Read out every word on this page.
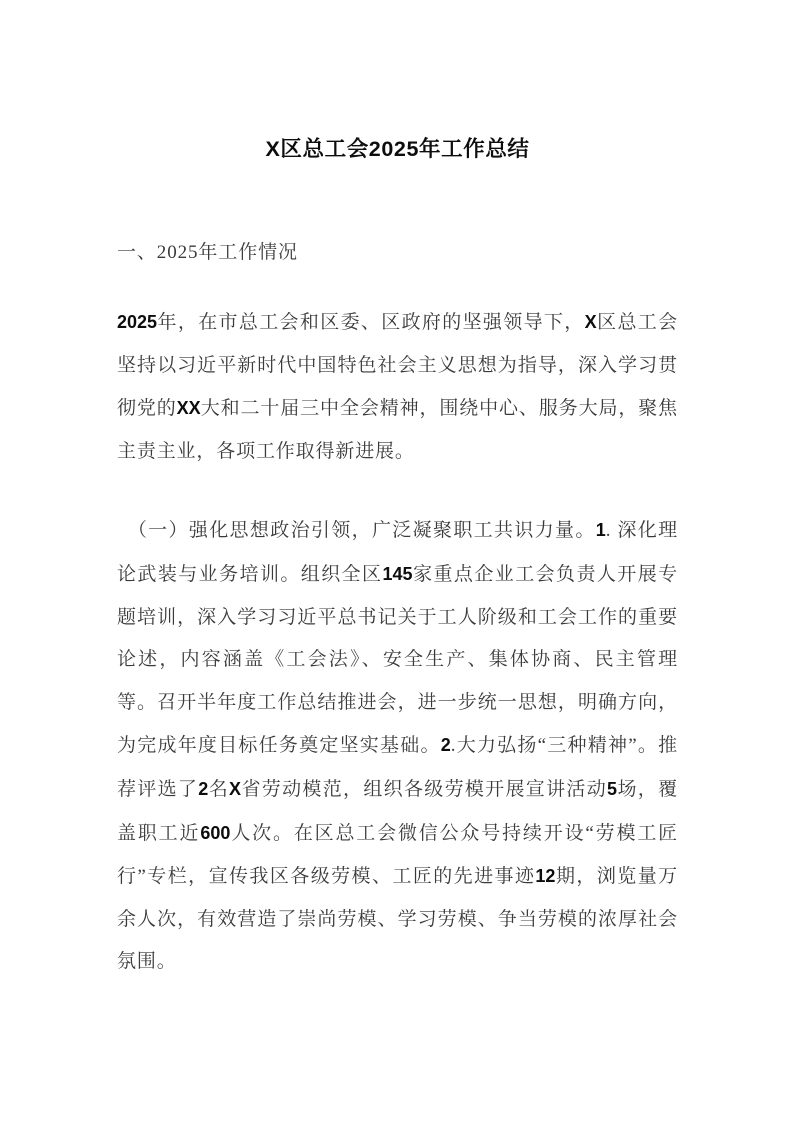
X区总工会2025年工作总结
一、2025年工作情况

2025年，在市总工会和区委、区政府的坚强领导下，X区总工会坚持以习近平新时代中国特色社会主义思想为指导，深入学习贯彻党的XX大和二十届三中全会精神，围绕中心、服务大局，聚焦主责主业，各项工作取得新进展。

　（一）强化思想政治引领，广泛凝聚职工共识力量。1. 深化理论武装与业务培训。组织全区145家重点企业工会负责人开展专题培训，深入学习习近平总书记关于工人阶级和工会工作的重要论述，内容涵盖《工会法》、安全生产、集体协商、民主管理等。召开半年度工作总结推进会，进一步统一思想，明确方向，为完成年度目标任务奠定坚实基础。2.大力弘扬“三种精神”。推荐评选了2名X省劳动模范，组织各级劳模开展宣讲活动5场，覆盖职工近600人次。在区总工会微信公众号持续开设“劳模工匠行”专栏，宣传我区各级劳模、工匠的先进事迹12期，浏览量万余人次，有效营造了崇尚劳模、学习劳模、争当劳模的浓厚社会氛围。
